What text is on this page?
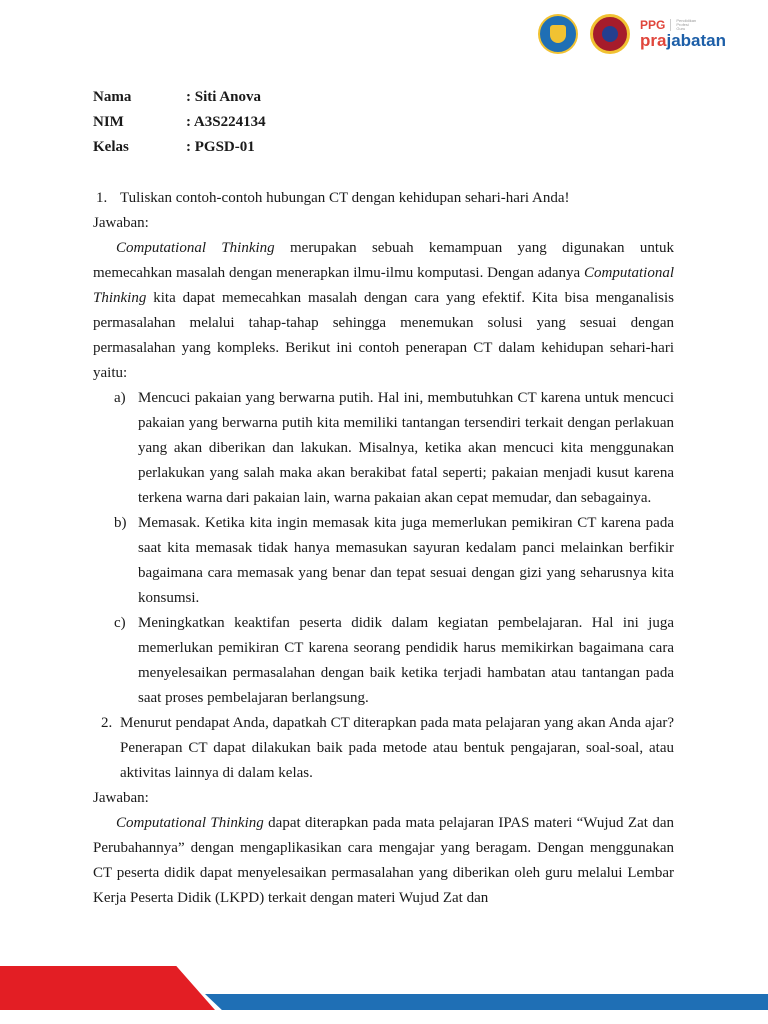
PPG	Pendidikan Profesi Guru
prajabatan
Nama	: Siti Anova
NIM	: A3S224134
Kelas	: PGSD-01
1. Tuliskan contoh-contoh hubungan CT dengan kehidupan sehari-hari Anda!

Jawaban:

Computational Thinking merupakan sebuah kemampuan yang digunakan untuk memecahkan masalah dengan menerapkan ilmu-ilmu komputasi. Dengan adanya Computational Thinking kita dapat memecahkan masalah dengan cara yang efektif. Kita bisa menganalisis permasalahan melalui tahap-tahap sehingga menemukan solusi yang sesuai dengan permasalahan yang kompleks. Berikut ini contoh penerapan CT dalam kehidupan sehari-hari yaitu:

a) Mencuci pakaian yang berwarna putih. Hal ini, membutuhkan CT karena untuk mencuci pakaian yang berwarna putih kita memiliki tantangan tersendiri terkait dengan perlakuan yang akan diberikan dan lakukan. Misalnya, ketika akan mencuci kita menggunakan perlakukan yang salah maka akan berakibat fatal seperti; pakaian menjadi kusut karena terkena warna dari pakaian lain, warna pakaian akan cepat memudar, dan sebagainya.
b) Memasak. Ketika kita ingin memasak kita juga memerlukan pemikiran CT karena pada saat kita memasak tidak hanya memasukan sayuran kedalam panci melainkan berfikir bagaimana cara memasak yang benar dan tepat sesuai dengan gizi yang seharusnya kita konsumsi.
c) Meningkatkan keaktifan peserta didik dalam kegiatan pembelajaran. Hal ini juga memerlukan pemikiran CT karena seorang pendidik harus memikirkan bagaimana cara menyelesaikan permasalahan dengan baik ketika terjadi hambatan atau tantangan pada saat proses pembelajaran berlangsung.
2. Menurut pendapat Anda, dapatkah CT diterapkan pada mata pelajaran yang akan Anda ajar? Penerapan CT dapat dilakukan baik pada metode atau bentuk pengajaran, soal-soal, atau aktivitas lainnya di dalam kelas.

Jawaban:

Computational Thinking dapat diterapkan pada mata pelajaran IPAS materi “Wujud Zat dan Perubahannya” dengan mengaplikasikan cara mengajar yang beragam. Dengan menggunakan CT peserta didik dapat menyelesaikan permasalahan yang diberikan oleh guru melalui Lembar Kerja Peserta Didik (LKPD) terkait dengan materi Wujud Zat dan
